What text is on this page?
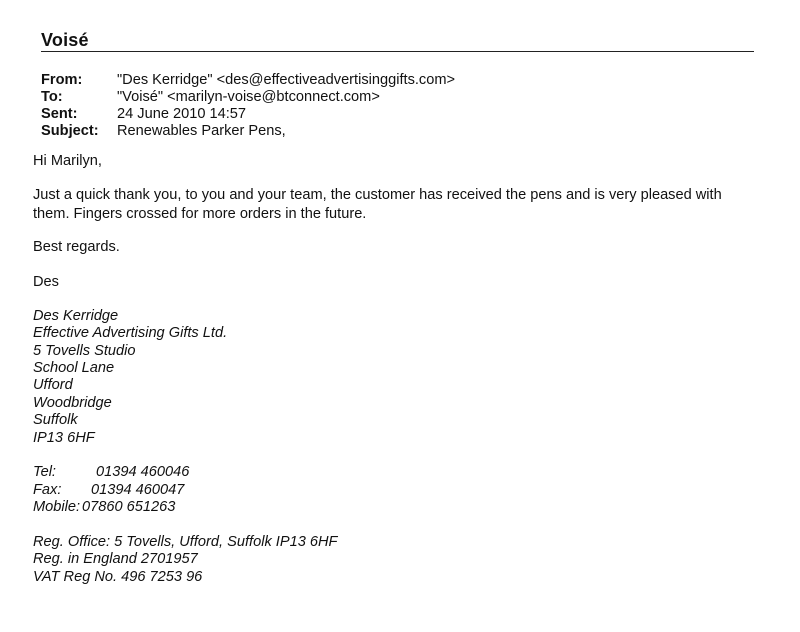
Voisé
From: "Des Kerridge" <des@effectiveadvertisinggifts.com>
To:	"Voisé" <marilyn-voise@btconnect.com>
Sent:	24 June 2010 14:57
Subject: Renewables Parker Pens,
Hi Marilyn,
Just a quick thank you, to you and your team, the customer has received the pens and is very pleased with
them. Fingers crossed for more orders in the future.
Best regards.
Des
Des Kerridge
Effective Advertising Gifts Ltd.
5 Tovells Studio
School Lane
Ufford
Woodbridge
Suffolk
IP13 6HF
Tel:	01394 460046
Fax: 01394 460047
Mobile: 07860 651263
Reg. Office: 5 Tovells, Ufford, Suffolk IP13 6HF
Reg. in England 2701957
VAT Reg No. 496 7253 96
